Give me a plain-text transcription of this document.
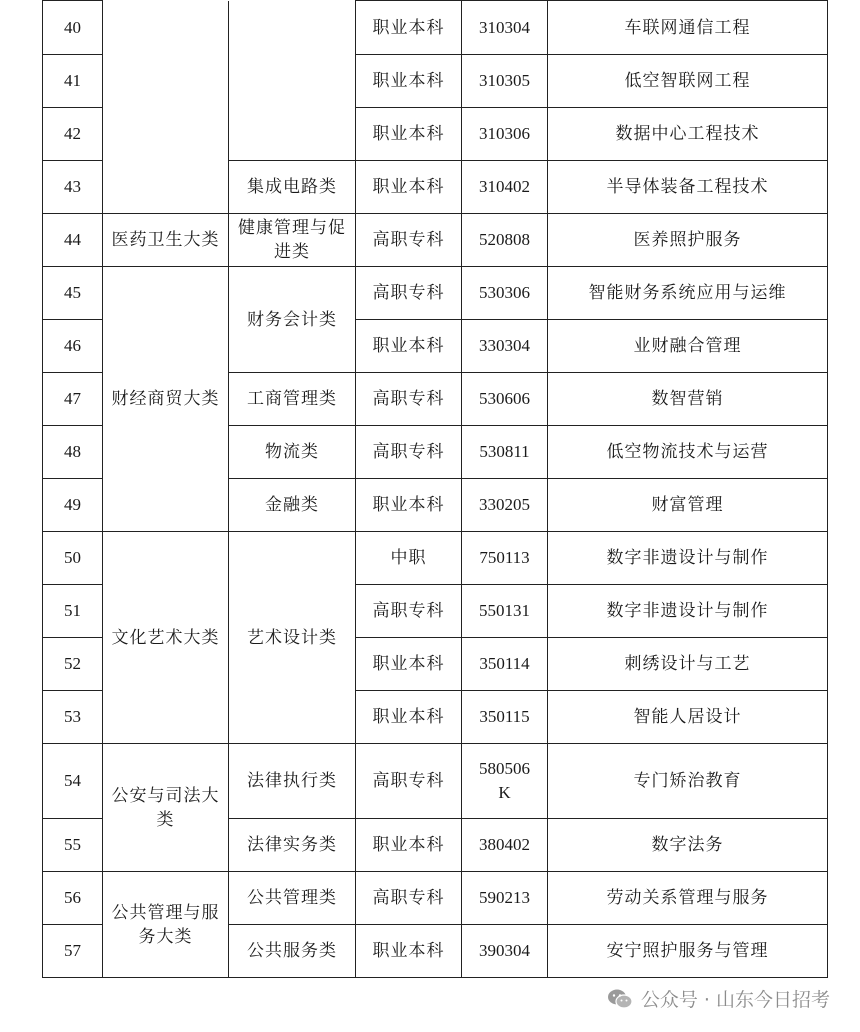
40			职业本科	310304	车联网通信工程
41			职业本科	310305	低空智联网工程
42			职业本科	310306	数据中心工程技术
43		集成电路类	职业本科	310402	半导体装备工程技术
44	医药卫生大类	健康管理与促进类	高职专科	520808	医养照护服务
45	财经商贸大类	财务会计类	高职专科	530306	智能财务系统应用与运维
46			职业本科	330304	业财融合管理
47		工商管理类	高职专科	530606	数智营销
48		物流类	高职专科	530811	低空物流技术与运营
49		金融类	职业本科	330205	财富管理
50	文化艺术大类	艺术设计类	中职	750113	数字非遗设计与制作
51			高职专科	550131	数字非遗设计与制作
52			职业本科	350114	刺绣设计与工艺
53			职业本科	350115	智能人居设计
54	公安与司法大类	法律执行类	高职专科	580506K	专门矫治教育
55		法律实务类	职业本科	380402	数字法务
56	公共管理与服务大类	公共管理类	高职专科	590213	劳动关系管理与服务
57		公共服务类	职业本科	390304	安宁照护服务与管理
公众号 · 山东今日招考
